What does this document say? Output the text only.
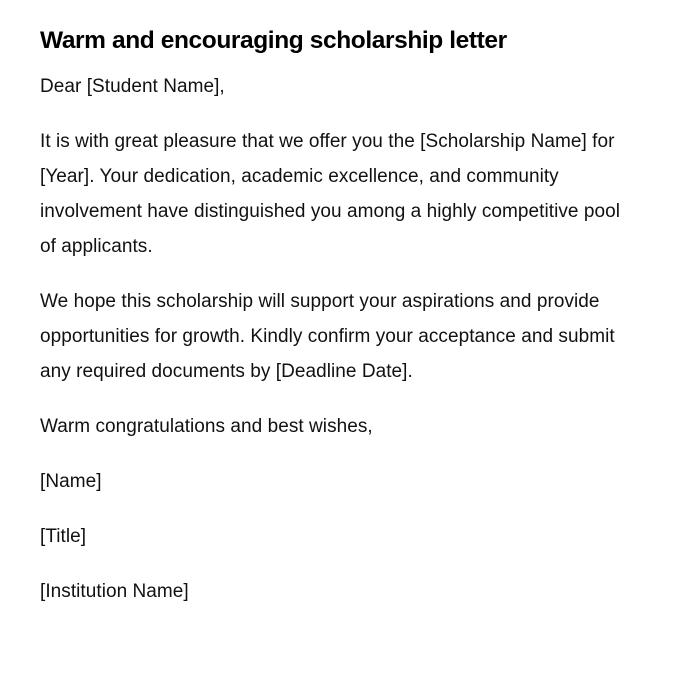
Warm and encouraging scholarship letter

Dear [Student Name],

It is with great pleasure that we offer you the [Scholarship Name] for [Year]. Your dedication, academic excellence, and community involvement have distinguished you among a highly competitive pool of applicants.

We hope this scholarship will support your aspirations and provide opportunities for growth. Kindly confirm your acceptance and submit any required documents by [Deadline Date].

Warm congratulations and best wishes,

[Name]

[Title]

[Institution Name]
